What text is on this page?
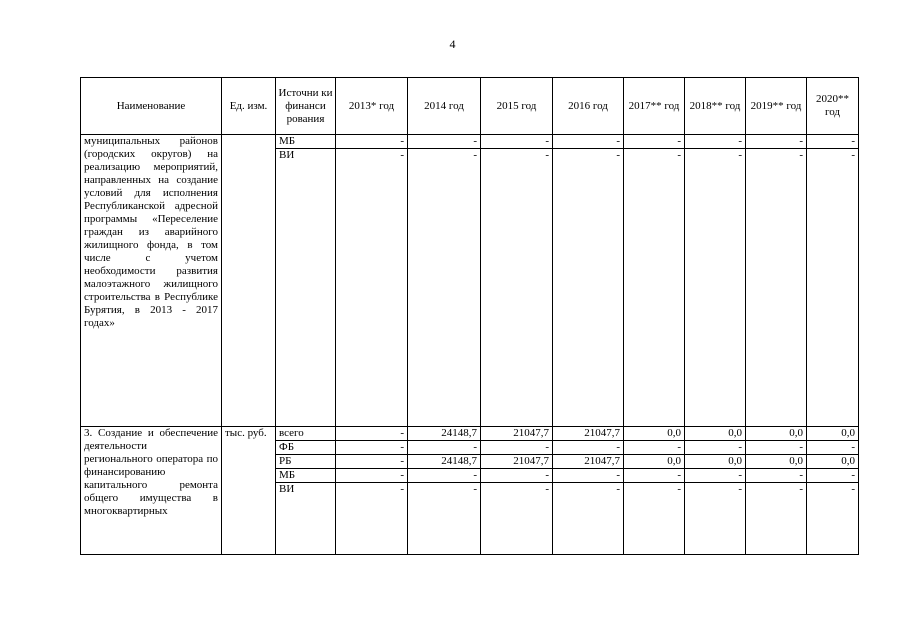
4
Наименование	Ед. изм.	Источни ки финанси рования	2013* год	2014 год	2015 год	2016 год	2017** год	2018** год	2019** год	2020** год
муниципальных районов (городских округов) на реализацию мероприятий, направленных на создание условий для исполнения Республиканской адресной программы «Переселение граждан из аварийного жилищного фонда, в том числе с учетом необходимости развития малоэтажного жилищного строительства в Республике Бурятия, в 2013 - 2017 годах»		МБ	-	-	-	-	-	-	-	-
		ВИ	-	-	-	-	-	-	-	-
3. Создание и обеспечение деятельности регионального оператора по финансированию капитального ремонта общего имущества в многоквартирных	тыс. руб.	всего	-	24148,7	21047,7	21047,7	0,0	0,0	0,0	0,0
		ФБ	-	-	-	-	-	-	-	-
		РБ	-	24148,7	21047,7	21047,7	0,0	0,0	0,0	0,0
		МБ	-	-	-	-	-	-	-	-
		ВИ	-	-	-	-	-	-	-	-
